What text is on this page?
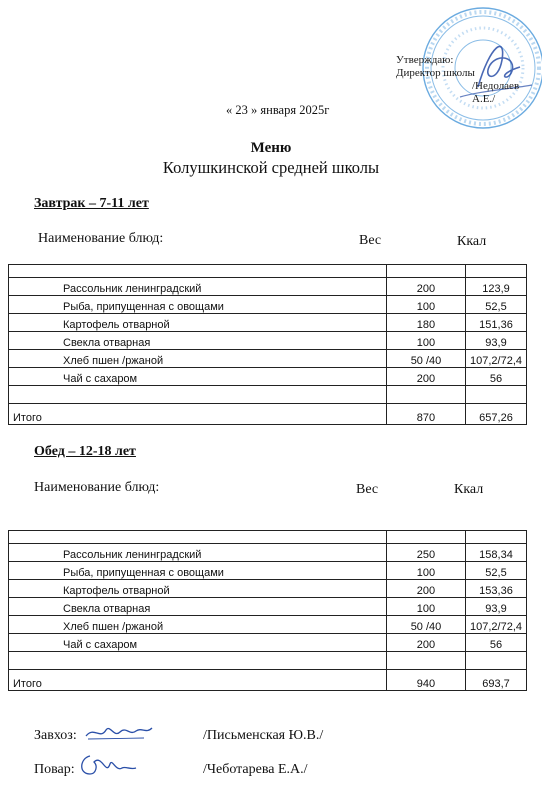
Утверждаю:
Директор школы

/Недолаев А.Е./
« 23 » января 2025г
Меню
Колушкинской средней школы
Завтрак – 7-11 лет
Наименование блюд:	Вес	Ккал

Рассольник ленинградский	200	123,9
Рыба, припущенная с овощами	100	52,5
Картофель отварной	180	151,36
Свекла отварная	100	93,9
Хлеб пшен /ржаной	50 /40	107,2/72,4
Чай с сахаром	200	56

Итого	870	657,26
Обед – 12-18 лет
Наименование блюд:	Вес	Ккал

Рассольник ленинградский	250	158,34
Рыба, припущенная с овощами	100	52,5
Картофель отварной	200	153,36
Свекла отварная	100	93,9
Хлеб пшен /ржаной	50 /40	107,2/72,4
Чай с сахаром	200	56

Итого	940	693,7
Завхоз:	/Письменская Ю.В./
Повар:	/Чеботарева Е.А./
